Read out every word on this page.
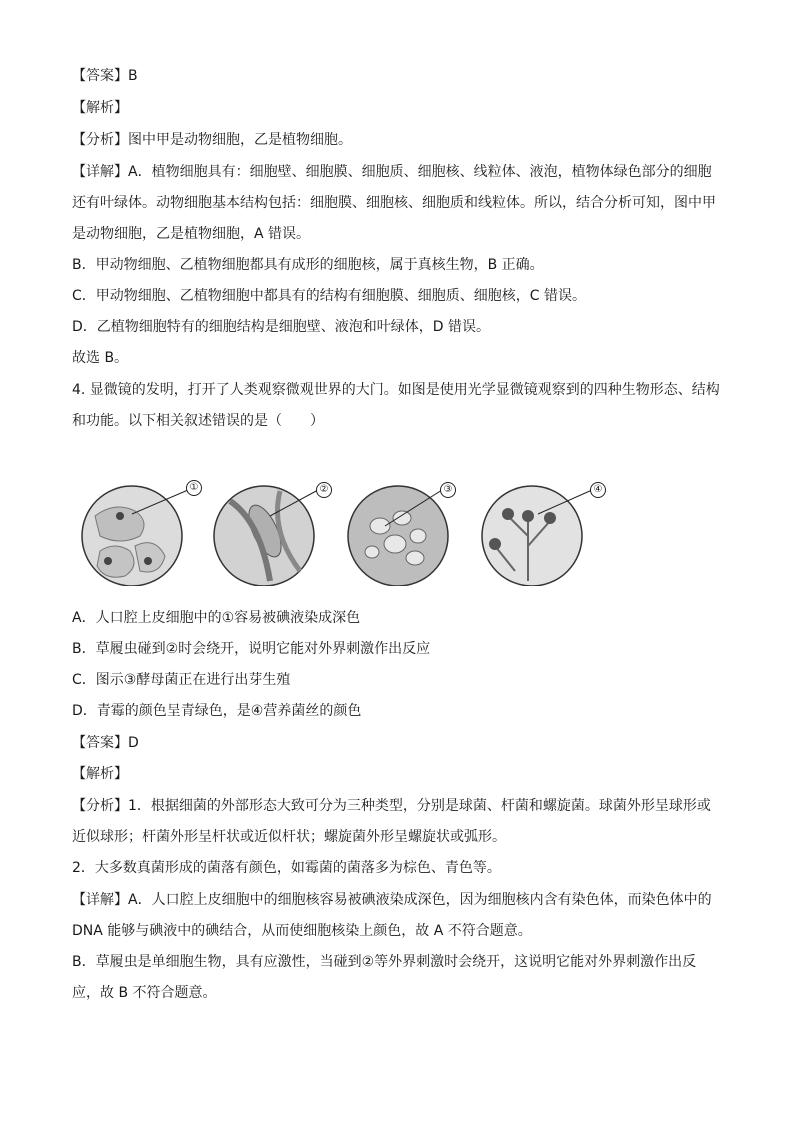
【答案】B
【解析】
【分析】图中甲是动物细胞，乙是植物细胞。
【详解】A．植物细胞具有：细胞壁、细胞膜、细胞质、细胞核、线粒体、液泡，植物体绿色部分的细胞
还有叶绿体。动物细胞基本结构包括：细胞膜、细胞核、细胞质和线粒体。所以，结合分析可知，图中甲
是动物细胞，乙是植物细胞，A 错误。
B．甲动物细胞、乙植物细胞都具有成形的细胞核，属于真核生物，B 正确。
C．甲动物细胞、乙植物细胞中都具有的结构有细胞膜、细胞质、细胞核，C 错误。
D．乙植物细胞特有的细胞结构是细胞壁、液泡和叶绿体，D 错误。
故选 B。
4. 显微镜的发明，打开了人类观察微观世界的大门。如图是使用光学显微镜观察到的四种生物形态、结构
和功能。以下相关叙述错误的是（　　）
A．人口腔上皮细胞中的①容易被碘液染成深色
B．草履虫碰到②时会绕开，说明它能对外界刺激作出反应
C．图示③酵母菌正在进行出芽生殖
D．青霉的颜色呈青绿色，是④营养菌丝的颜色
【答案】D
【解析】
【分析】1．根据细菌的外部形态大致可分为三种类型，分别是球菌、杆菌和螺旋菌。球菌外形呈球形或
近似球形；杆菌外形呈杆状或近似杆状；螺旋菌外形呈螺旋状或弧形。
2．大多数真菌形成的菌落有颜色，如霉菌的菌落多为棕色、青色等。
【详解】A．人口腔上皮细胞中的细胞核容易被碘液染成深色，因为细胞核内含有染色体，而染色体中的
DNA 能够与碘液中的碘结合，从而使细胞核染上颜色，故 A 不符合题意。
B．草履虫是单细胞生物，具有应激性，当碰到②等外界刺激时会绕开，这说明它能对外界刺激作出反
应，故 B 不符合题意。
①	②	③	④
